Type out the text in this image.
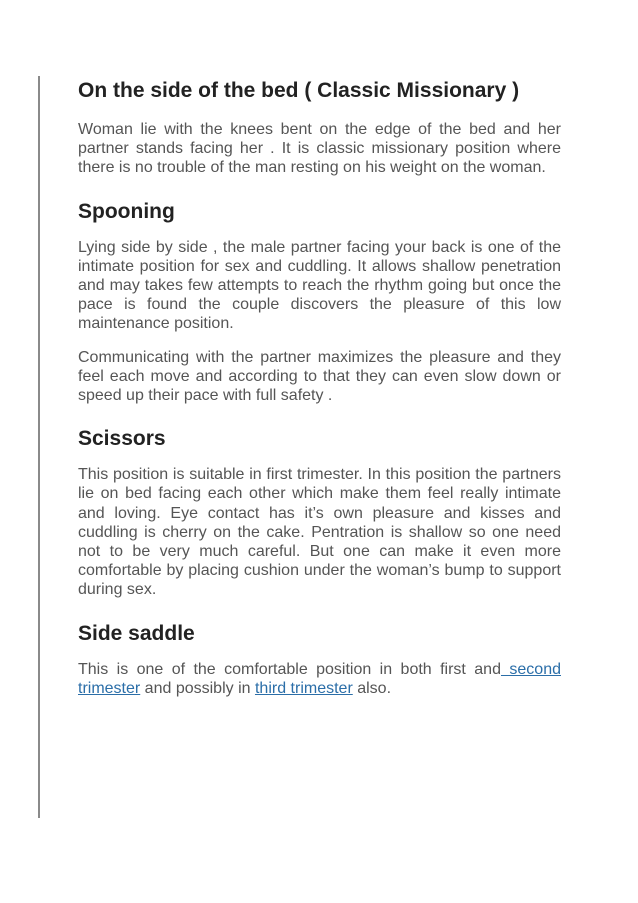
On the side of the bed ( Classic Missionary )

Woman lie with the knees bent on the edge of the bed and her partner stands facing her . It is classic missionary position where there is no trouble of the man resting on his weight on the woman.

Spooning

Lying side by side , the male partner facing your back is one of the intimate position for sex and cuddling. It allows shallow penetration and may takes few attempts to reach the rhythm going but once the pace is found the couple discovers the pleasure of this low maintenance position.

Communicating with the partner maximizes the pleasure and they feel each move and according to that they can even slow down or speed up their pace with full safety .

Scissors

This position is suitable in first trimester. In this position the partners lie on bed facing each other which make them feel really intimate and loving. Eye contact has it’s own pleasure and kisses and cuddling is cherry on the cake. Pentration is shallow so one need not to be very much careful. But one can make it even more comfortable by placing cushion under the woman’s bump to support during sex.

Side saddle

This is one of the comfortable position in both first and second trimester and possibly in third trimester also.
